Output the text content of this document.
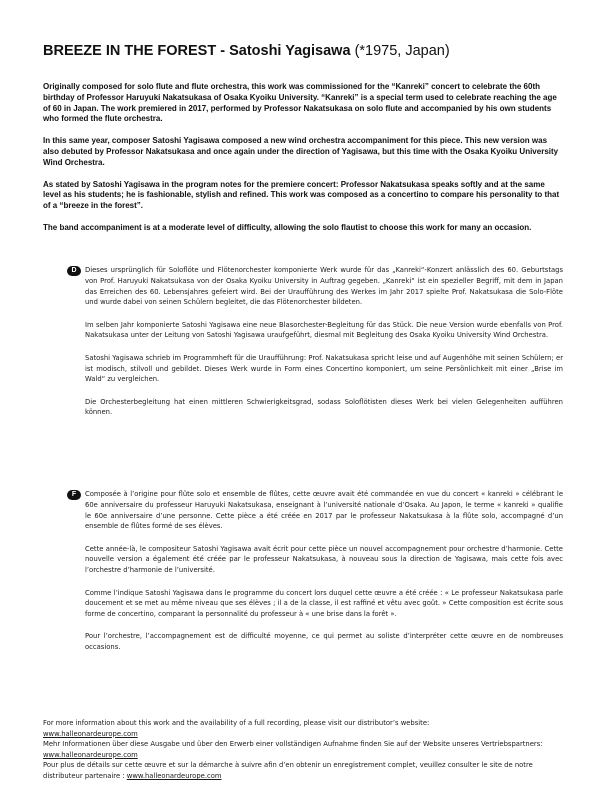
BREEZE IN THE FOREST - Satoshi Yagisawa (*1975, Japan)

Originally composed for solo flute and flute orchestra, this work was commissioned for the “Kanreki” concert to celebrate the 60th birthday of Professor Haruyuki Nakatsukasa of Osaka Kyoiku University. “Kanreki” is a special term used to celebrate reaching the age of 60 in Japan. The work premiered in 2017, performed by Professor Nakatsukasa on solo flute and accompanied by his own students who formed the flute orchestra.

In this same year, composer Satoshi Yagisawa composed a new wind orchestra accompaniment for this piece. This new version was also debuted by Professor Nakatsukasa and once again under the direction of Yagisawa, but this time with the Osaka Kyoiku University Wind Orchestra.

As stated by Satoshi Yagisawa in the program notes for the premiere concert: Professor Nakatsukasa speaks softly and at the same level as his students; he is fashionable, stylish and refined. This work was composed as a concertino to compare his personality to that of a “breeze in the forest”.

The band accompaniment is at a moderate level of difficulty, allowing the solo flautist to choose this work for many an occasion.

D	Dieses ursprünglich für Soloflöte und Flötenorchester komponierte Werk wurde für das „Kanreki“-Konzert anlässlich des 60. Geburtstags von Prof. Haruyuki Nakatsukasa von der Osaka Kyoiku University in Auftrag gegeben. „Kanreki“ ist ein spezieller Begriff, mit dem in Japan das Erreichen des 60. Lebensjahres gefeiert wird. Bei der Uraufführung des Werkes im Jahr 2017 spielte Prof. Nakatsukasa die Solo-Flöte und wurde dabei von seinen Schülern begleitet, die das Flötenorchester bildeten.

Im selben Jahr komponierte Satoshi Yagisawa eine neue Blasorchester-Begleitung für das Stück. Die neue Version wurde ebenfalls von Prof. Nakatsukasa unter der Leitung von Satoshi Yagisawa uraufgeführt, diesmal mit Begleitung des Osaka Kyoiku University Wind Orchestra.

Satoshi Yagisawa schrieb im Programmheft für die Uraufführung: Prof. Nakatsukasa spricht leise und auf Augenhöhe mit seinen Schülern; er ist modisch, stilvoll und gebildet. Dieses Werk wurde in Form eines Concertino komponiert, um seine Persönlichkeit mit einer „Brise im Wald“ zu vergleichen.

Die Orchesterbegleitung hat einen mittleren Schwierigkeitsgrad, sodass Soloflötisten dieses Werk bei vielen Gelegenheiten aufführen können.

F	Composée à l’origine pour flûte solo et ensemble de flûtes, cette œuvre avait été commandée en vue du concert « kanreki » célébrant le 60e anniversaire du professeur Haruyuki Nakatsukasa, enseignant à l’université nationale d’Osaka. Au Japon, le terme « kanreki » qualifie le 60e anniversaire d’une personne. Cette pièce a été créée en 2017 par le professeur Nakatsukasa à la flûte solo, accompagné d’un ensemble de flûtes formé de ses élèves.

Cette année-là, le compositeur Satoshi Yagisawa avait écrit pour cette pièce un nouvel accompagnement pour orchestre d’harmonie. Cette nouvelle version a également été créée par le professeur Nakatsukasa, à nouveau sous la direction de Yagisawa, mais cette fois avec l’orchestre d’harmonie de l’université.

Comme l’indique Satoshi Yagisawa dans le programme du concert lors duquel cette œuvre a été créée : « Le professeur Nakatsukasa parle doucement et se met au même niveau que ses élèves ; il a de la classe, il est raffiné et vêtu avec goût. » Cette composition est écrite sous forme de concertino, comparant la personnalité du professeur à « une brise dans la forêt ».

Pour l’orchestre, l’accompagnement est de difficulté moyenne, ce qui permet au soliste d’interpréter cette œuvre en de nombreuses occasions.

For more information about this work and the availability of a full recording, please visit our distributor’s website:
www.halleonardeurope.com

Mehr Informationen über diese Ausgabe und über den Erwerb einer vollständigen Aufnahme finden Sie auf der Website unseres Vertriebspartners: www.halleonardeurope.com

Pour plus de détails sur cette œuvre et sur la démarche à suivre afin d’en obtenir un enregistrement complet, veuillez consulter le site de notre distributeur partenaire : www.halleonardeurope.com
